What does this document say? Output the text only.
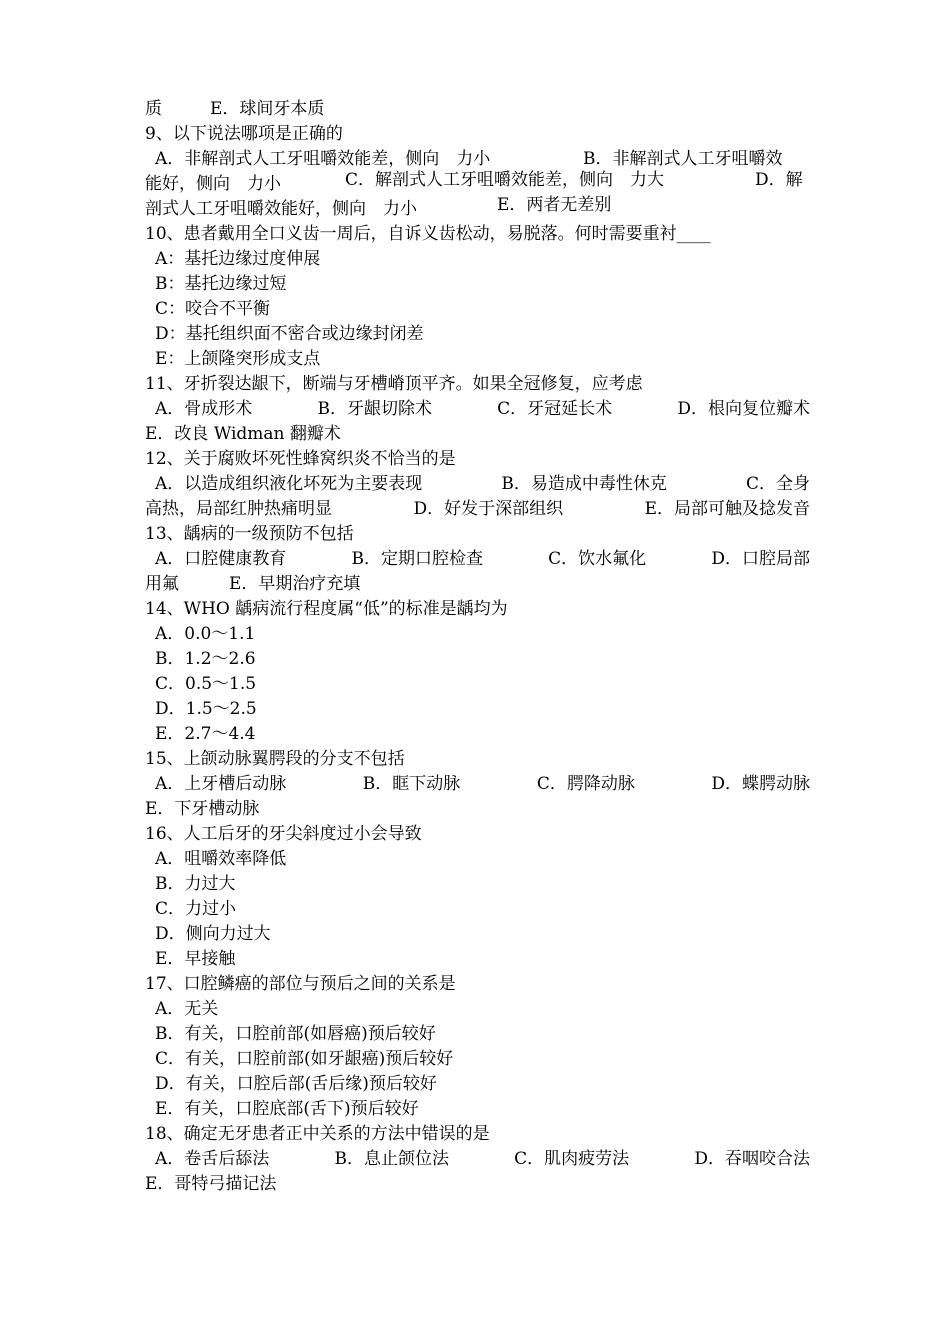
质	E．球间牙本质
9、以下说法哪项是正确的
A．非解剖式人工牙咀嚼效能差，侧向　力小	B．非解剖式人工牙咀嚼效
能好，侧向　力小	C．解剖式人工牙咀嚼效能差，侧向　力大	D．解
剖式人工牙咀嚼效能好，侧向　力小	E．两者无差别
10、患者戴用全口义齿一周后，自诉义齿松动，易脱落。何时需要重衬____
A：基托边缘过度伸展
B：基托边缘过短
C：咬合不平衡
D：基托组织面不密合或边缘封闭差
E：上颌隆突形成支点
11、牙折裂达龈下，断端与牙槽嵴顶平齐。如果全冠修复，应考虑
A．骨成形术	B．牙龈切除术	C．牙冠延长术	D．根向复位瓣术
E．改良 Widman 翻瓣术
12、关于腐败坏死性蜂窝织炎不恰当的是
A．以造成组织液化坏死为主要表现	B．易造成中毒性休克	C．全身
高热，局部红肿热痛明显	D．好发于深部组织	E．局部可触及捻发音
13、龋病的一级预防不包括
A．口腔健康教育	B．定期口腔检查	C．饮水氟化	D．口腔局部
用氟	E．早期治疗充填
14、WHO 龋病流行程度属“低”的标准是龋均为
A．0.0～1.1
B．1.2～2.6
C．0.5～1.5
D．1.5～2.5
E．2.7～4.4
15、上颌动脉翼腭段的分支不包括
A．上牙槽后动脉	B．眶下动脉	C．腭降动脉	D．蝶腭动脉
E．下牙槽动脉
16、人工后牙的牙尖斜度过小会导致
A．咀嚼效率降低
B．力过大
C．力过小
D．侧向力过大
E．早接触
17、口腔鳞癌的部位与预后之间的关系是
A．无关
B．有关，口腔前部(如唇癌)预后较好
C．有关，口腔前部(如牙龈癌)预后较好
D．有关，口腔后部(舌后缘)预后较好
E．有关，口腔底部(舌下)预后较好
18、确定无牙患者正中关系的方法中错误的是
A．卷舌后舔法	B．息止颌位法	C．肌肉疲劳法	D．吞咽咬合法
E．哥特弓描记法
